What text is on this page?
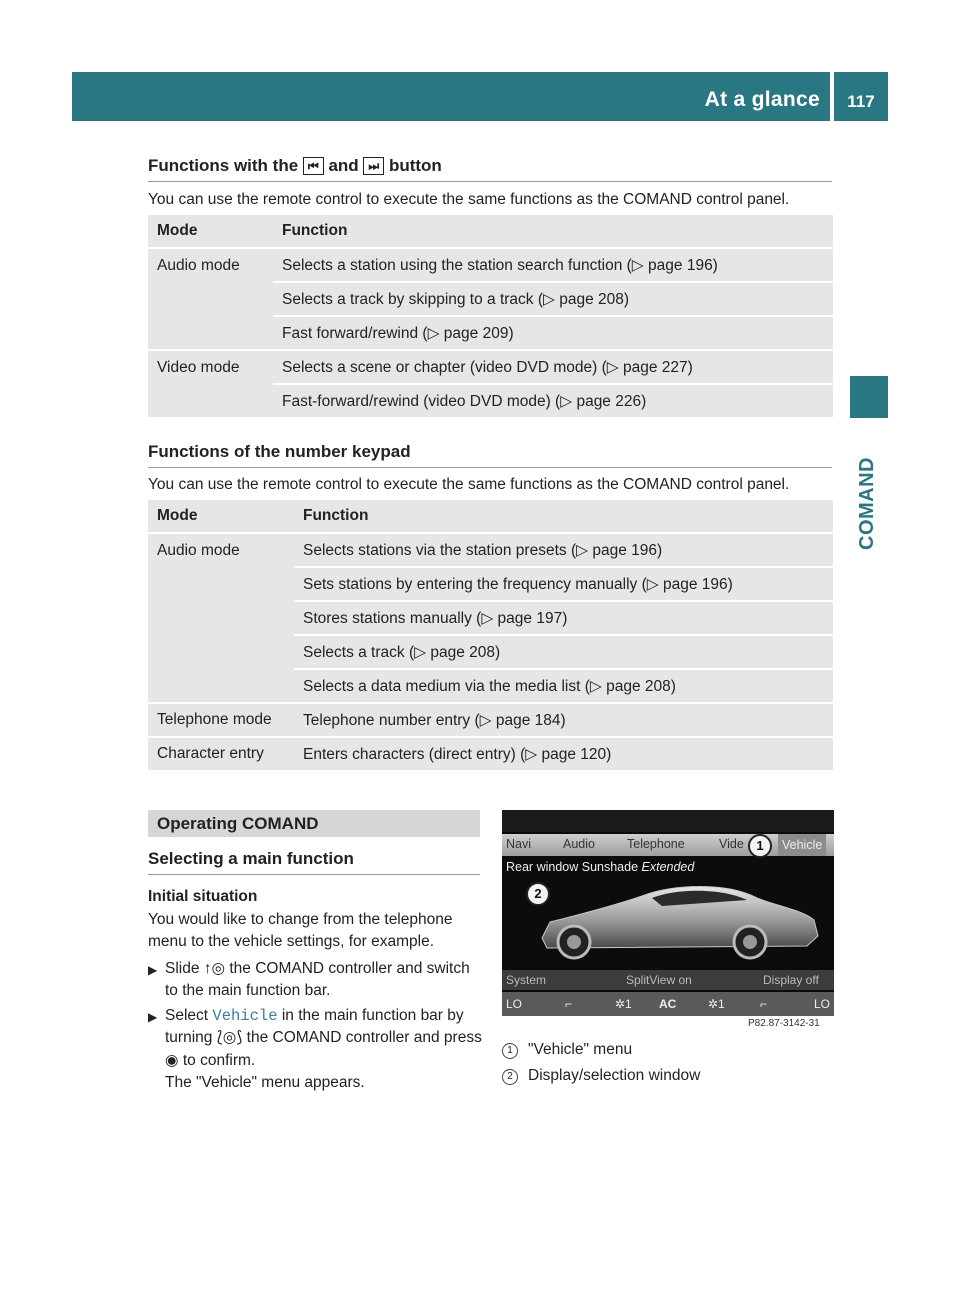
At a glance	117
COMAND
Functions with the ⏮ and ⏭ button
You can use the remote control to execute the same functions as the COMAND control panel.
Mode	Function
Audio mode	Selects a station using the station search function (▷ page 196)
	Selects a track by skipping to a track (▷ page 208)
	Fast forward/rewind (▷ page 209)
Video mode	Selects a scene or chapter (video DVD mode) (▷ page 227)
	Fast-forward/rewind (video DVD mode) (▷ page 226)
Functions of the number keypad
You can use the remote control to execute the same functions as the COMAND control panel.
Mode	Function
Audio mode	Selects stations via the station presets (▷ page 196)
	Sets stations by entering the frequency manually (▷ page 196)
	Stores stations manually (▷ page 197)
	Selects a track (▷ page 208)
	Selects a data medium via the media list (▷ page 208)
Telephone mode	Telephone number entry (▷ page 184)
Character entry	Enters characters (direct entry) (▷ page 120)
Operating COMAND
Selecting a main function
Initial situation
You would like to change from the telephone menu to the vehicle settings, for example.
▶ Slide ↑◎ the COMAND controller and switch to the main function bar.
▶ Select Vehicle in the main function bar by turning ⟅◎⟆ the COMAND controller and press ◉ to confirm.
The "Vehicle" menu appears.
Navi	Audio	Telephone	Vide	Vehicle
Rear window Sunshade Extended
System	SplitView on	Display off
LO	⌐	✲1 AC	✲1	⌐	LO
1
2
P82.87-3142-31
1 "Vehicle" menu
2 Display/selection window
